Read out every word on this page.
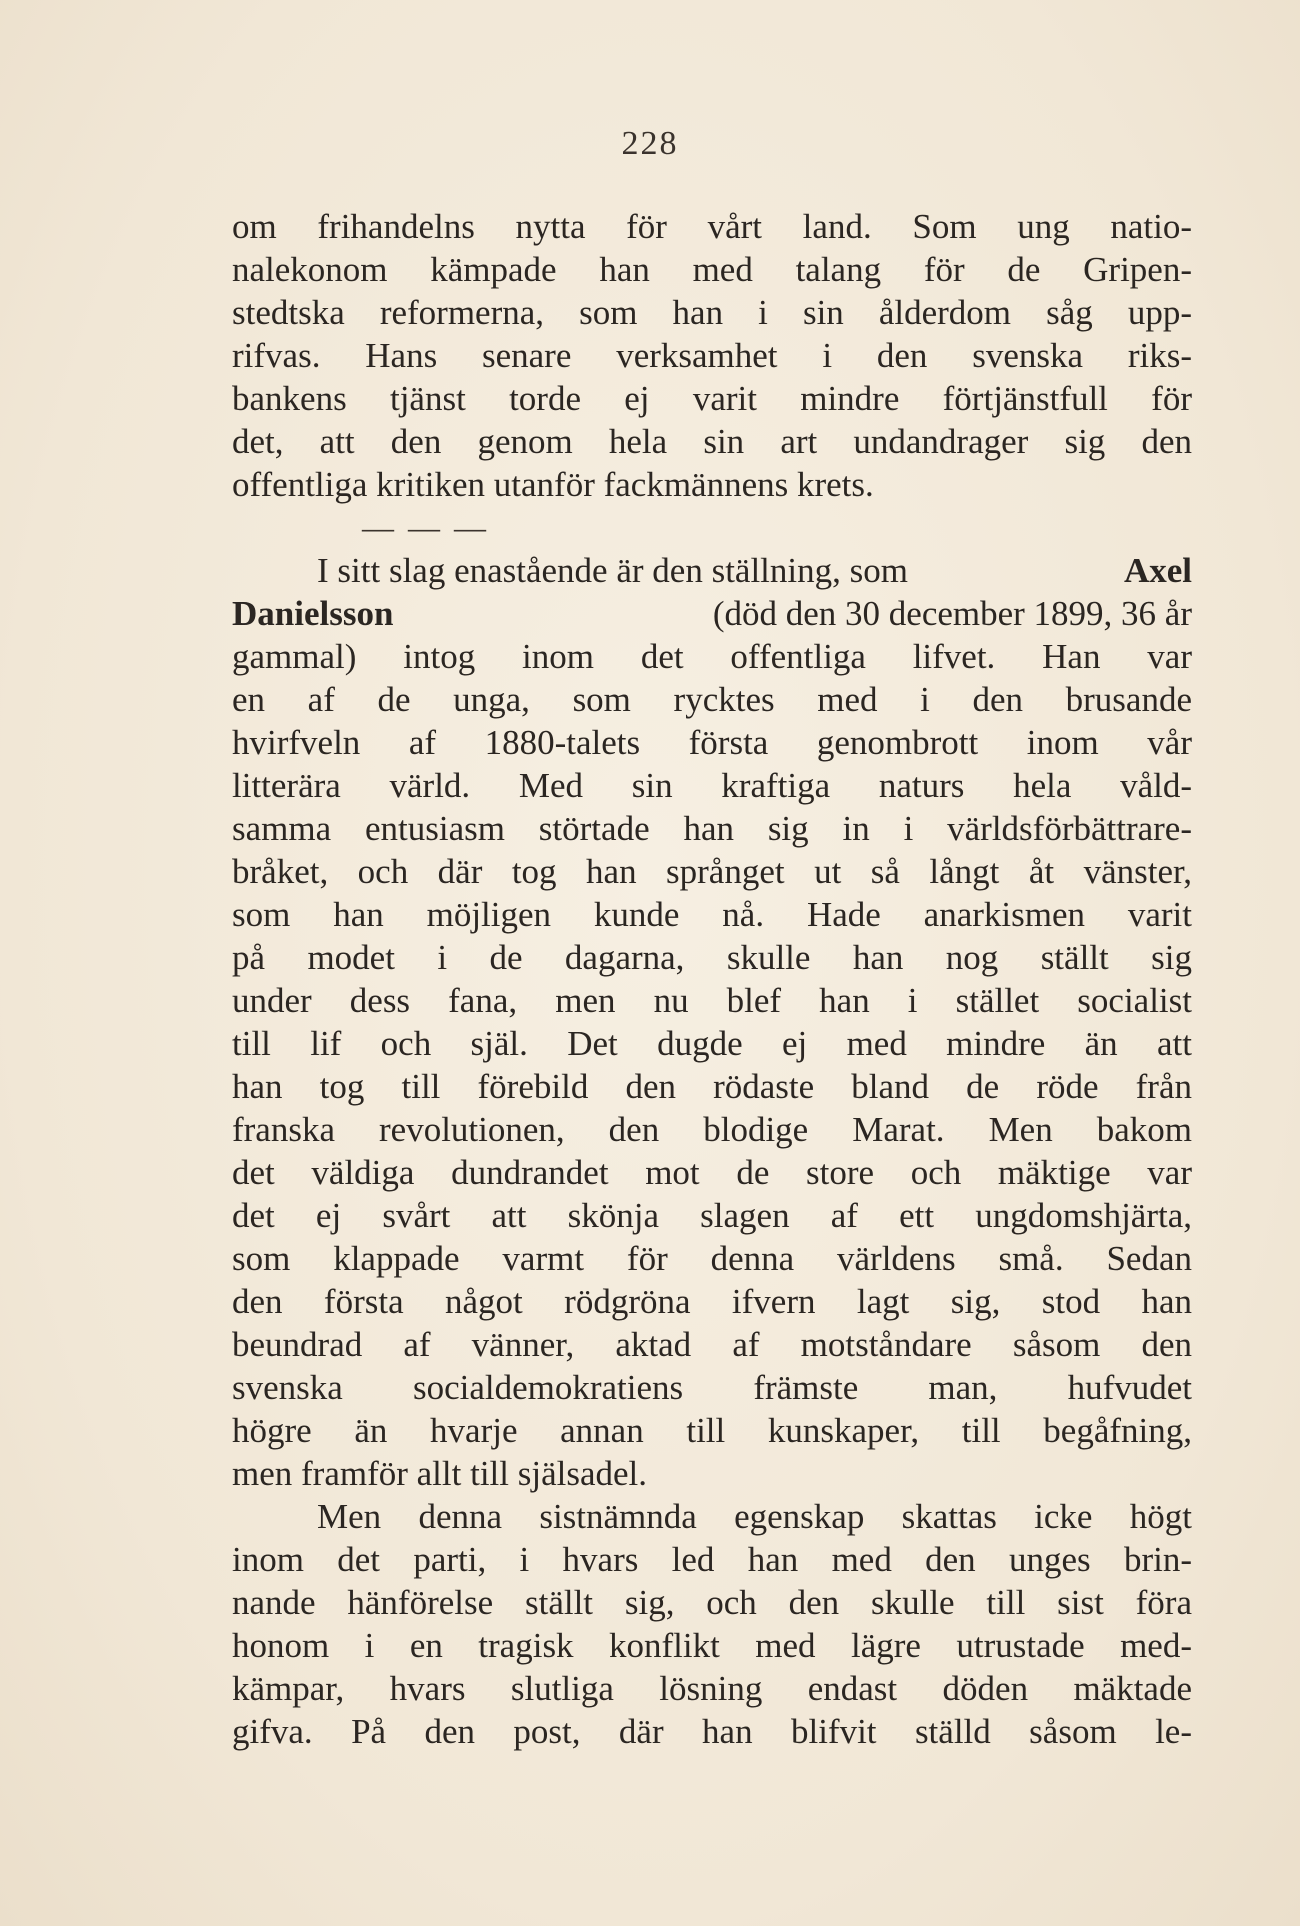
228
om frihandelns nytta för vårt land. Som ung natio-
nalekonom kämpade han med talang för de Gripen-
stedtska reformerna, som han i sin ålderdom såg upp-
rifvas. Hans senare verksamhet i den svenska riks-
bankens tjänst torde ej varit mindre förtjänstfull för
det, att den genom hela sin art undandrager sig den
offentliga kritiken utanför fackmännens krets.
— — —
I sitt slag enastående är den ställning, som	Axel
Danielsson	(död den 30 december 1899, 36 år
gammal) intog inom det offentliga lifvet. Han var
en af de unga, som rycktes med i den brusande
hvirfveln af 1880-talets första genombrott inom vår
litterära värld. Med sin kraftiga naturs hela våld-
samma entusiasm störtade han sig in i världsförbättrare-
bråket, och där tog han språnget ut så långt åt vänster,
som han möjligen kunde nå. Hade anarkismen varit
på modet i de dagarna, skulle han nog ställt sig
under dess fana, men nu blef han i stället socialist
till lif och själ. Det dugde ej med mindre än att
han tog till förebild den rödaste bland de röde från
franska revolutionen, den blodige Marat. Men bakom
det väldiga dundrandet mot de store och mäktige var
det ej svårt att skönja slagen af ett ungdomshjärta,
som klappade varmt för denna världens små. Sedan
den första något rödgröna ifvern lagt sig, stod han
beundrad af vänner, aktad af motståndare såsom den
svenska socialdemokratiens främste man, hufvudet
högre än hvarje annan till kunskaper, till begåfning,
men framför allt till själsadel.
Men denna sistnämnda egenskap skattas icke högt
inom det parti, i hvars led han med den unges brin-
nande hänförelse ställt sig, och den skulle till sist föra
honom i en tragisk konflikt med lägre utrustade med-
kämpar, hvars slutliga lösning endast döden mäktade
gifva. På den post, där han blifvit ställd såsom le-
